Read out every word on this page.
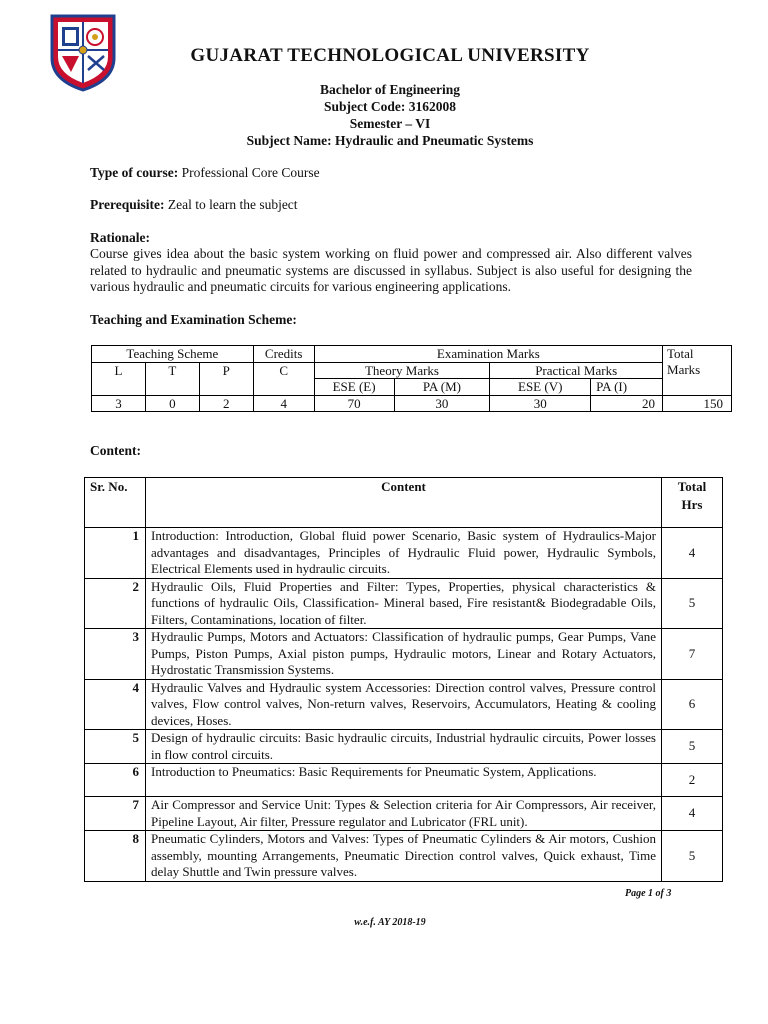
GUJARAT TECHNOLOGICAL UNIVERSITY
Bachelor of Engineering
Subject Code: 3162008
Semester – VI
Subject Name: Hydraulic and Pneumatic Systems
Type of course: Professional Core Course
Prerequisite: Zeal to learn the subject
Rationale:
Course gives idea about the basic system working on fluid power and compressed air. Also different valves related to hydraulic and pneumatic systems are discussed in syllabus. Subject is also useful for designing the various hydraulic and pneumatic circuits for various engineering applications.
Teaching and Examination Scheme:
Teaching Scheme			Credits	Examination Marks				Total
Marks
L	T	P	C	Theory Marks		Practical Marks		
				ESE (E)	PA (M)	ESE (V)	PA (I)	
3	0	2	4	70	30	30	20	150
Content:
Sr. No.	Content	Total
Hrs
1	Introduction: Introduction, Global fluid power Scenario, Basic system of Hydraulics-Major advantages and disadvantages, Principles of Hydraulic Fluid power, Hydraulic Symbols, Electrical Elements used in hydraulic circuits.	4
2	Hydraulic Oils, Fluid Properties and Filter: Types, Properties, physical characteristics & functions of hydraulic Oils, Classification- Mineral based, Fire resistant& Biodegradable Oils, Filters, Contaminations, location of filter.	5
3	Hydraulic Pumps, Motors and Actuators: Classification of hydraulic pumps, Gear Pumps, Vane Pumps, Piston Pumps, Axial piston pumps, Hydraulic motors, Linear and Rotary Actuators, Hydrostatic Transmission Systems.	7
4	Hydraulic Valves and Hydraulic system Accessories: Direction control valves, Pressure control valves, Flow control valves, Non-return valves, Reservoirs, Accumulators, Heating & cooling devices, Hoses.	6
5	Design of hydraulic circuits: Basic hydraulic circuits, Industrial hydraulic circuits, Power losses in flow control circuits.	5
6	Introduction to Pneumatics: Basic Requirements for Pneumatic System, Applications.	2
7	Air Compressor and Service Unit: Types & Selection criteria for Air Compressors, Air receiver, Pipeline Layout, Air filter, Pressure regulator and Lubricator (FRL unit).	4
8	Pneumatic Cylinders, Motors and Valves: Types of Pneumatic Cylinders & Air motors, Cushion assembly, mounting Arrangements, Pneumatic Direction control valves, Quick exhaust, Time delay Shuttle and Twin pressure valves.	5
Page 1 of 3
w.e.f. AY 2018-19
